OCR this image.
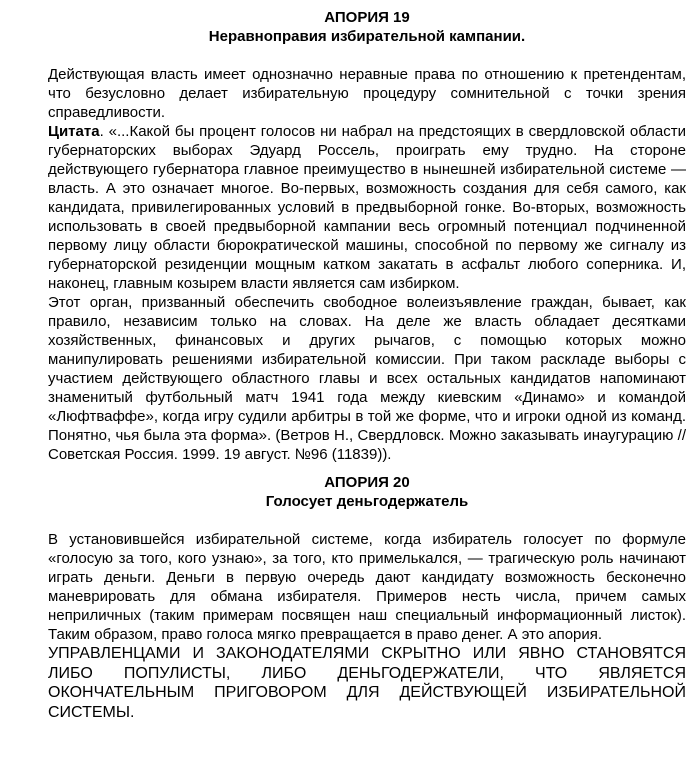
АПОРИЯ 19

Неравноправия избирательной кампании.

Действующая власть имеет однозначно неравные права по отношению к претендентам, что безусловно делает избирательную процедуру сомнительной с точки зрения справедливости.

Цитата. «...Какой бы процент голосов ни набрал на предстоящих в свердловской области губернаторских выборах Эдуард Россель, проиграть ему трудно. На стороне действующего губернатора главное преимущество в нынешней избирательной системе — власть. А это означает многое. Во-первых, возможность создания для себя самого, как кандидата, привилегированных условий в предвыборной гонке. Во-вторых, возможность использовать в своей предвыборной кампании весь огромный потенциал подчиненной первому лицу области бюрократической машины, способной по первому же сигналу из губернаторской резиденции мощным катком закатать в асфальт любого соперника. И, наконец, главным козырем власти является сам избирком.

Этот орган, призванный обеспечить свободное волеизъявление граждан, бывает, как правило, независим только на словах. На деле же власть обладает десятками хозяйственных, финансовых и других рычагов, с помощью которых можно манипулировать решениями избирательной комиссии. При таком раскладе выборы с участием действующего областного главы и всех остальных кандидатов напоминают знаменитый футбольный матч 1941 года между киевским «Динамо» и командой «Люфтваффе», когда игру судили арбитры в той же форме, что и игроки одной из команд. Понятно, чья была эта форма». (Ветров Н., Свердловск. Можно заказывать инаугурацию // Советская Россия. 1999. 19 август. №96 (11839)).

АПОРИЯ 20

Голосует деньгодержатель

В установившейся избирательной системе, когда избиратель голосует по формуле «голосую за того, кого узнаю», за того, кто примелькался, — трагическую роль начинают играть деньги. Деньги в первую очередь дают кандидату возможность бесконечно маневрировать для обмана избирателя. Примеров несть числа, причем самых неприличных (таким примерам посвящен наш специальный информационный листок). Таким образом, право голоса мягко превращается в право денег. А это апория.

УПРАВЛЕНЦАМИ И ЗАКОНОДАТЕЛЯМИ СКРЫТНО ИЛИ ЯВНО СТАНОВЯТСЯ ЛИБО ПОПУЛИСТЫ, ЛИБО ДЕНЬГОДЕРЖАТЕЛИ, ЧТО ЯВЛЯЕТСЯ ОКОНЧАТЕЛЬНЫМ ПРИГОВОРОМ ДЛЯ ДЕЙСТВУЮЩЕЙ ИЗБИРАТЕЛЬНОЙ СИСТЕМЫ.
